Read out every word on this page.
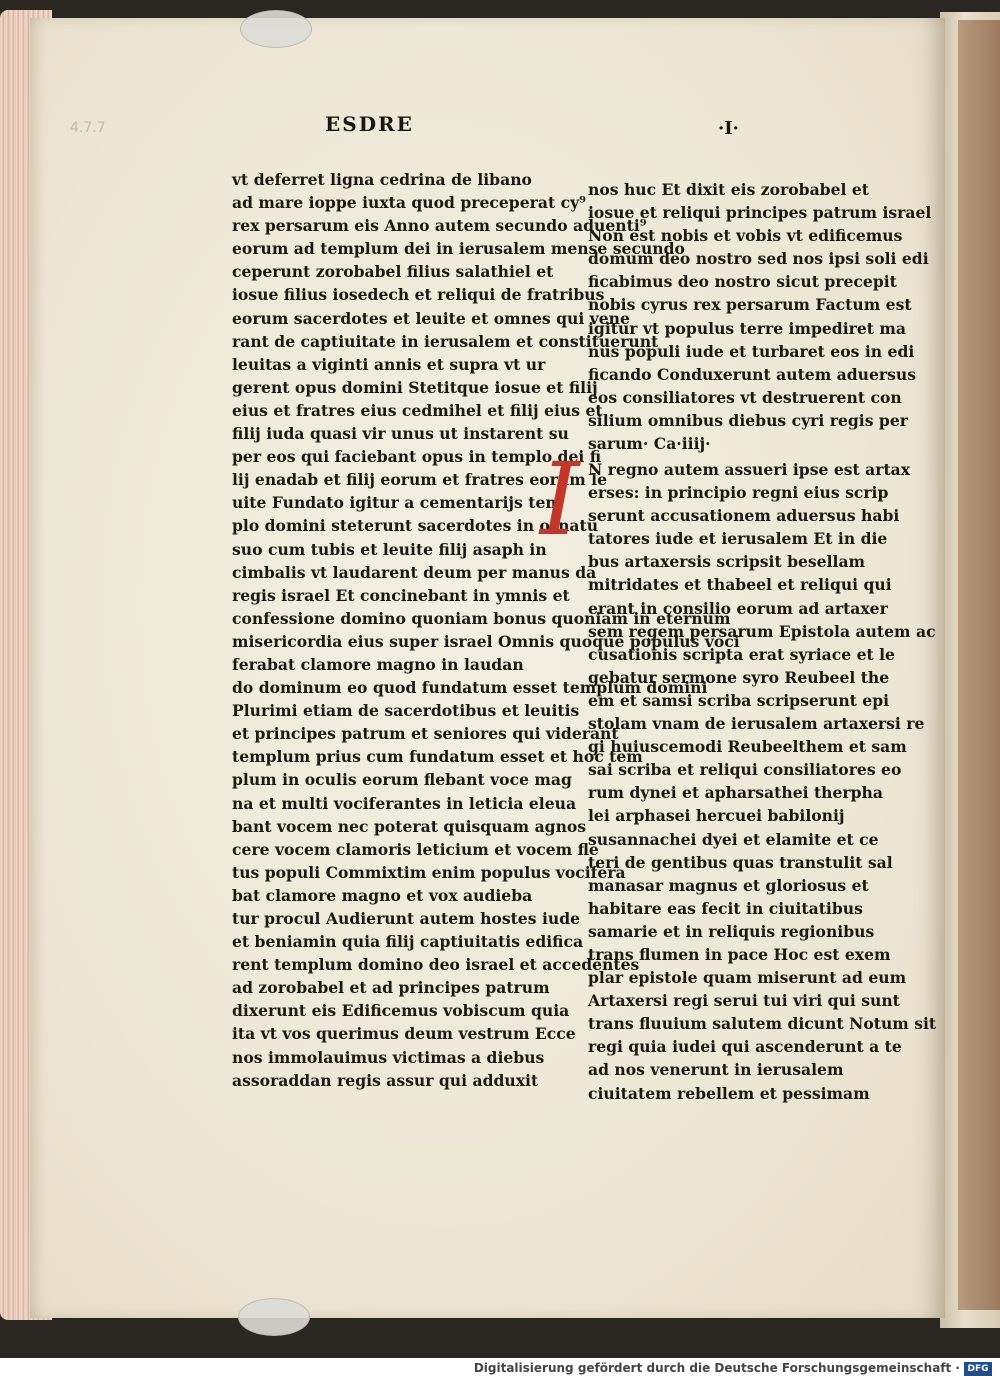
4.7.7	ESDRE	·I·
vt deferret ligna cedrina de libano
ad mare ioppe iuxta quod preceperat cy⁹
rex persarum eis Anno autem secundo aduenti⁹
eorum ad templum dei in ierusalem mense secundo
ceperunt zorobabel filius salathiel et
iosue filius iosedech et reliqui de fratribus
eorum sacerdotes et leuite et omnes qui vene
rant de captiuitate in ierusalem et constituerunt
leuitas a viginti annis et supra vt ur
gerent opus domini Stetitque iosue et filij
eius et fratres eius cedmihel et filij eius et
filij iuda quasi vir unus ut instarent su
per eos qui faciebant opus in templo dei fi
lij enadab et filij eorum et fratres eorum le
uite Fundato igitur a cementarijs tem
plo domini steterunt sacerdotes in ornatu
suo cum tubis et leuite filij asaph in
cimbalis vt laudarent deum per manus da
regis israel Et concinebant in ymnis et
confessione domino quoniam bonus quoniam in eternum
misericordia eius super israel Omnis quoque populus voci
ferabat clamore magno in laudan
do dominum eo quod fundatum esset templum domini
Plurimi etiam de sacerdotibus et leuitis
et principes patrum et seniores qui viderant
templum prius cum fundatum esset et hoc tem
plum in oculis eorum flebant voce mag
na et multi vociferantes in leticia eleua
bant vocem nec poterat quisquam agnos
cere vocem clamoris leticium et vocem fle
tus populi Commixtim enim populus vocifera
bat clamore magno et vox audieba
tur procul Audierunt autem hostes iude
et beniamin quia filij captiuitatis edifica
rent templum domino deo israel et accedentes
ad zorobabel et ad principes patrum
dixerunt eis Edificemus vobiscum quia
ita vt vos querimus deum vestrum Ecce
nos immolauimus victimas a diebus
assoraddan regis assur qui adduxit
nos huc Et dixit eis zorobabel et
iosue et reliqui principes patrum israel
Non est nobis et vobis vt edificemus
domum deo nostro sed nos ipsi soli edi
ficabimus deo nostro sicut precepit
nobis cyrus rex persarum Factum est
igitur vt populus terre impediret ma
nus populi iude et turbaret eos in edi
ficando Conduxerunt autem aduersus
eos consiliatores vt destruerent con
silium omnibus diebus cyri regis per
sarum· Ca·iiij·
I N regno autem assueri ipse est artax
erses: in principio regni eius scrip
serunt accusationem aduersus habi
tatores iude et ierusalem Et in die
bus artaxersis scripsit besellam
mitridates et thabeel et reliqui qui
erant in consilio eorum ad artaxer
sem regem persarum Epistola autem ac
cusationis scripta erat syriace et le
gebatur sermone syro Reubeel the
em et samsi scriba scripserunt epi
stolam vnam de ierusalem artaxersi re
gi huiuscemodi Reubeelthem et sam
sai scriba et reliqui consiliatores eo
rum dynei et apharsathei therpha
lei arphasei hercuei babilonij
susannachei dyei et elamite et ce
teri de gentibus quas transtulit sal
manasar magnus et gloriosus et
habitare eas fecit in ciuitatibus
samarie et in reliquis regionibus
trans flumen in pace Hoc est exem
plar epistole quam miserunt ad eum
Artaxersi regi serui tui viri qui sunt
trans fluuium salutem dicunt Notum sit
regi quia iudei qui ascenderunt a te
ad nos venerunt in ierusalem
ciuitatem rebellem et pessimam
Digitalisierung gefördert durch die Deutsche Forschungsgemeinschaft · DFG
